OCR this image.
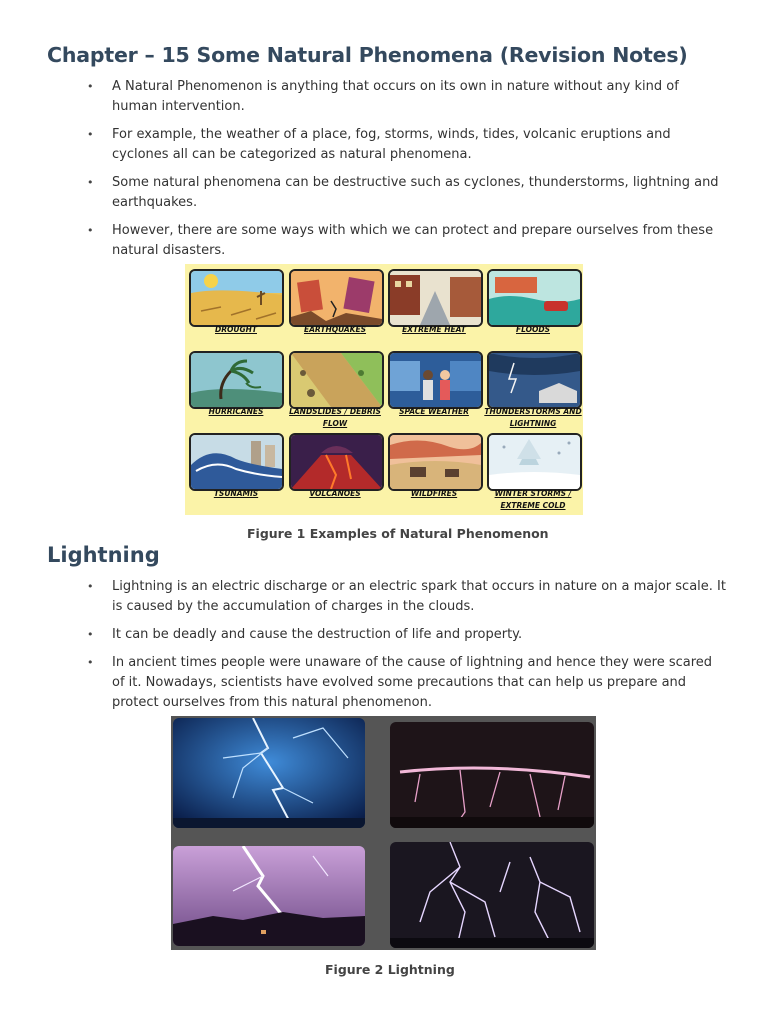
Chapter – 15 Some Natural Phenomena (Revision Notes)
• A Natural Phenomenon is anything that occurs on its own in nature without any kind of human intervention.
• For example, the weather of a place, fog, storms, winds, tides, volcanic eruptions and cyclones all can be categorized as natural phenomena.
• Some natural phenomena can be destructive such as cyclones, thunderstorms, lightning and earthquakes.
• However, there are some ways with which we can protect and prepare ourselves from these natural disasters.
DROUGHT	EARTHQUAKES	EXTREME HEAT	FLOODS
HURRICANES	LANDSLIDES / DEBRIS FLOW
SPACE WEATHER	THUNDERSTORMS AND LIGHTNING
TSUNAMIS	VOLCANOES	WILDFIRES	WINTER STORMS / EXTREME COLD
Figure 1 Examples of Natural Phenomenon
Lightning
• Lightning is an electric discharge or an electric spark that occurs in nature on a major scale. It is caused by the accumulation of charges in the clouds.
• It can be deadly and cause the destruction of life and property.
• In ancient times people were unaware of the cause of lightning and hence they were scared of it. Nowadays, scientists have evolved some precautions that can help us prepare and protect ourselves from this natural phenomenon.
Figure 2 Lightning
